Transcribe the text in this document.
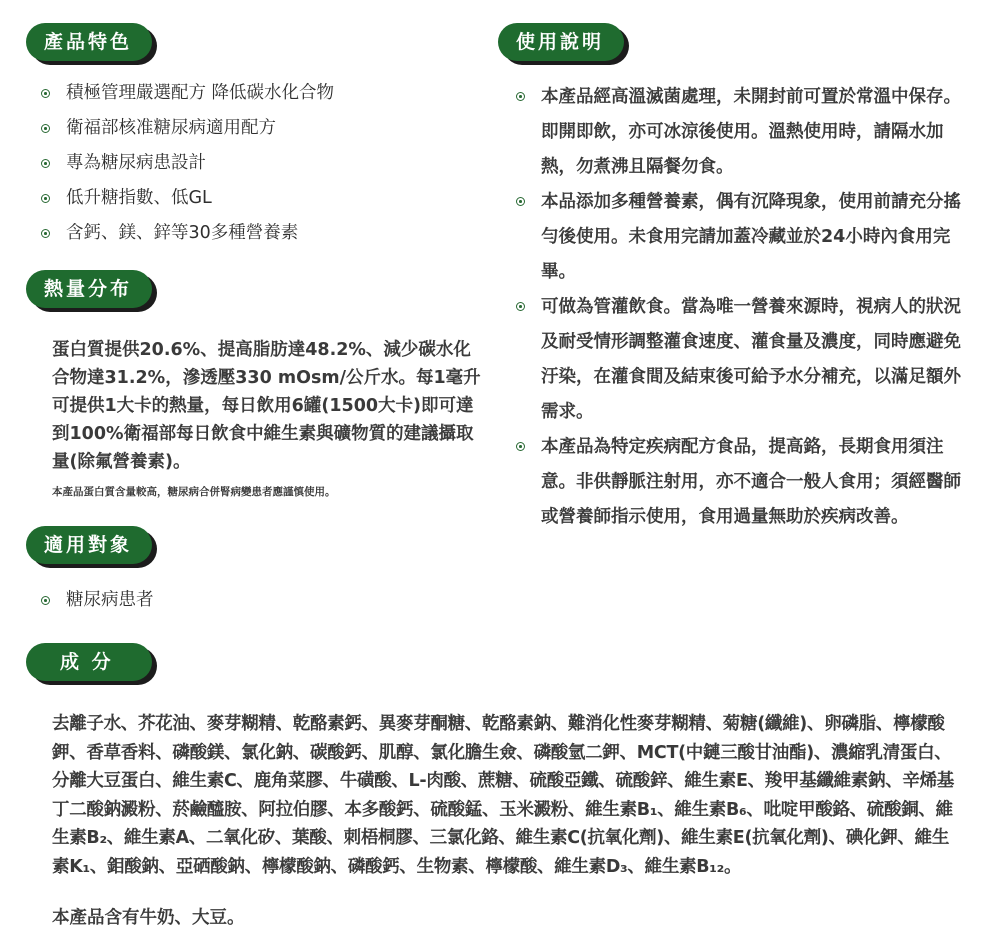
產品特色
積極管理嚴選配方 降低碳水化合物
衛福部核准糖尿病適用配方
專為糖尿病患設計
低升糖指數、低GL
含鈣、鎂、鋅等30多種營養素
熱量分布
蛋白質提供20.6%、提高脂肪達48.2%、減少碳水化合物達31.2%，滲透壓330 mOsm/公斤水。每1毫升可提供1大卡的熱量，每日飲用6罐(1500大卡)即可達到100%衛福部每日飲食中維生素與礦物質的建議攝取量(除氟營養素)。
本產品蛋白質含量較高，糖尿病合併腎病變患者應謹慎使用。
適用對象
糖尿病患者
成 分
去離子水、芥花油、麥芽糊精、乾酪素鈣、異麥芽酮糖、乾酪素鈉、難消化性麥芽糊精、菊糖(纖維)、卵磷脂、檸檬酸鉀、香草香料、磷酸鎂、氯化鈉、碳酸鈣、肌醇、氯化膽生僉、磷酸氫二鉀、MCT(中鏈三酸甘油酯)、濃縮乳清蛋白、分離大豆蛋白、維生素C、鹿角菜膠、牛磺酸、L-肉酸、蔗糖、硫酸亞鐵、硫酸鋅、維生素E、羧甲基纖維素鈉、辛烯基丁二酸鈉澱粉、菸鹼醯胺、阿拉伯膠、本多酸鈣、硫酸錳、玉米澱粉、維生素B₁、維生素B₆、吡啶甲酸鉻、硫酸銅、維生素B₂、維生素A、二氧化矽、葉酸、刺梧桐膠、三氯化鉻、維生素C(抗氧化劑)、維生素E(抗氧化劑)、碘化鉀、維生素K₁、鉬酸鈉、亞硒酸鈉、檸檬酸鈉、磷酸鈣、生物素、檸檬酸、維生素D₃、維生素B₁₂。
本產品含有牛奶、大豆。
使用說明
本產品經高溫滅菌處理，未開封前可置於常溫中保存。即開即飲，亦可冰涼後使用。溫熱使用時，請隔水加熱，勿煮沸且隔餐勿食。
本品添加多種營養素，偶有沉降現象，使用前請充分搖勻後使用。未食用完請加蓋冷藏並於24小時內食用完畢。
可做為管灌飲食。當為唯一營養來源時，視病人的狀況及耐受情形調整灌食速度、灌食量及濃度，同時應避免汙染，在灌食間及結束後可給予水分補充，以滿足額外需求。
本產品為特定疾病配方食品，提高鉻，長期食用須注意。非供靜脈注射用，亦不適合一般人食用；須經醫師或營養師指示使用，食用過量無助於疾病改善。
